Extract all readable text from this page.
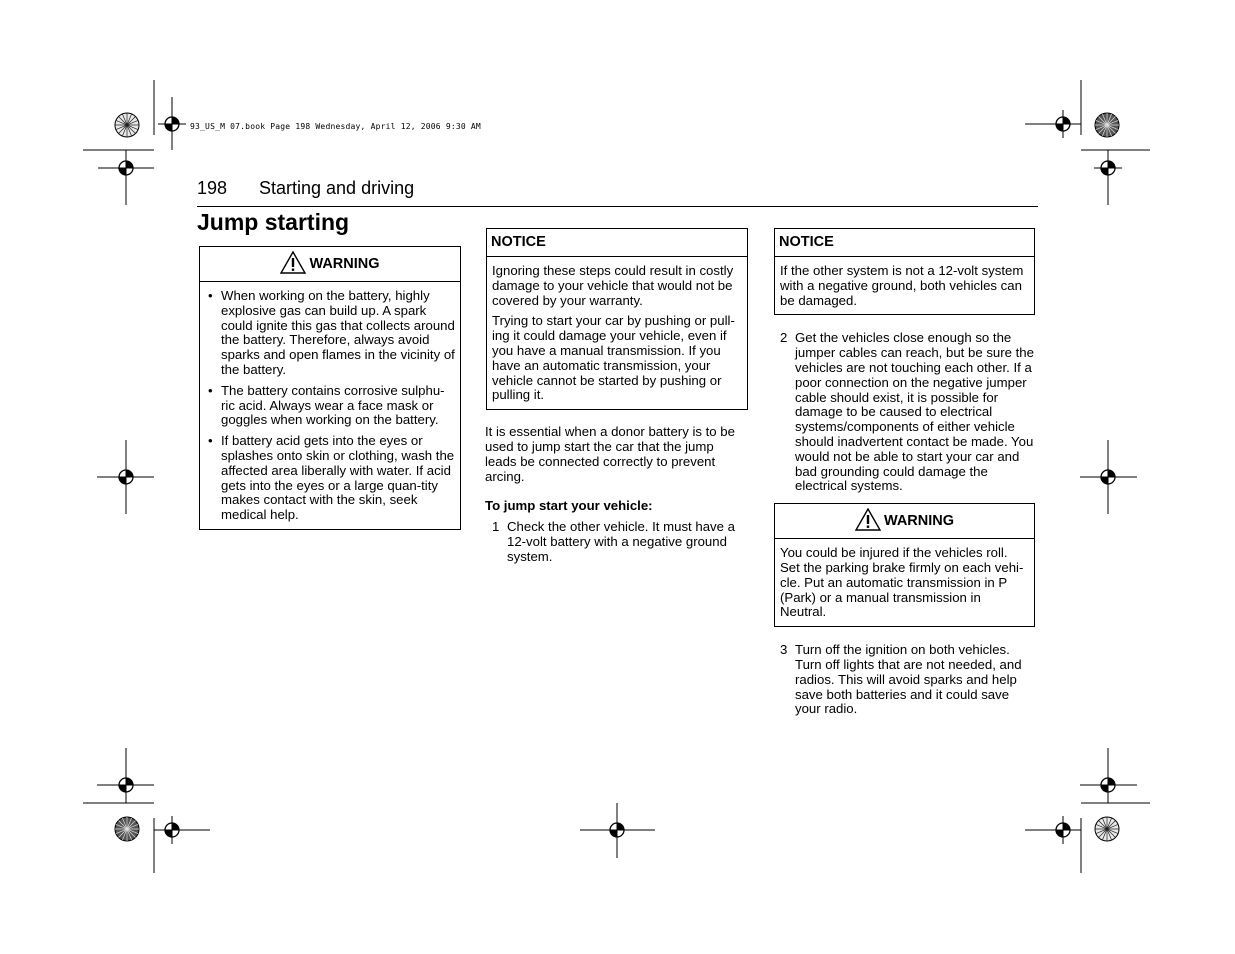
93_US_M 07.book Page 198 Wednesday, April 12, 2006 9:30 AM
198 Starting and driving
Jump starting
WARNING
• When working on the battery, highly explosive gas can build up. A spark could ignite this gas that collects around the battery. Therefore, always avoid sparks and open flames in the vicinity of the battery.
• The battery contains corrosive sulphu-ric acid. Always wear a face mask or goggles when working on the battery.
• If battery acid gets into the eyes or splashes onto skin or clothing, wash the affected area liberally with water. If acid gets into the eyes or a large quan-tity makes contact with the skin, seek medical help.
NOTICE

Ignoring these steps could result in costly damage to your vehicle that would not be covered by your warranty.

Trying to start your car by pushing or pull-ing it could damage your vehicle, even if you have a manual transmission. If you have an automatic transmission, your vehicle cannot be started by pushing or pulling it.

It is essential when a donor battery is to be used to jump start the car that the jump leads be connected correctly to prevent arcing.

To jump start your vehicle:

1 Check the other vehicle. It must have a 12-volt battery with a negative ground system.
NOTICE

If the other system is not a 12-volt system with a negative ground, both vehicles can be damaged.

2 Get the vehicles close enough so the jumper cables can reach, but be sure the vehicles are not touching each other. If a poor connection on the negative jumper cable should exist, it is possible for damage to be caused to electrical systems/components of either vehicle should inadvertent contact be made. You would not be able to start your car and bad grounding could damage the electrical systems.
WARNING

You could be injured if the vehicles roll. Set the parking brake firmly on each vehi-cle. Put an automatic transmission in P (Park) or a manual transmission in Neutral.

3 Turn off the ignition on both vehicles. Turn off lights that are not needed, and radios. This will avoid sparks and help save both batteries and it could save your radio.
